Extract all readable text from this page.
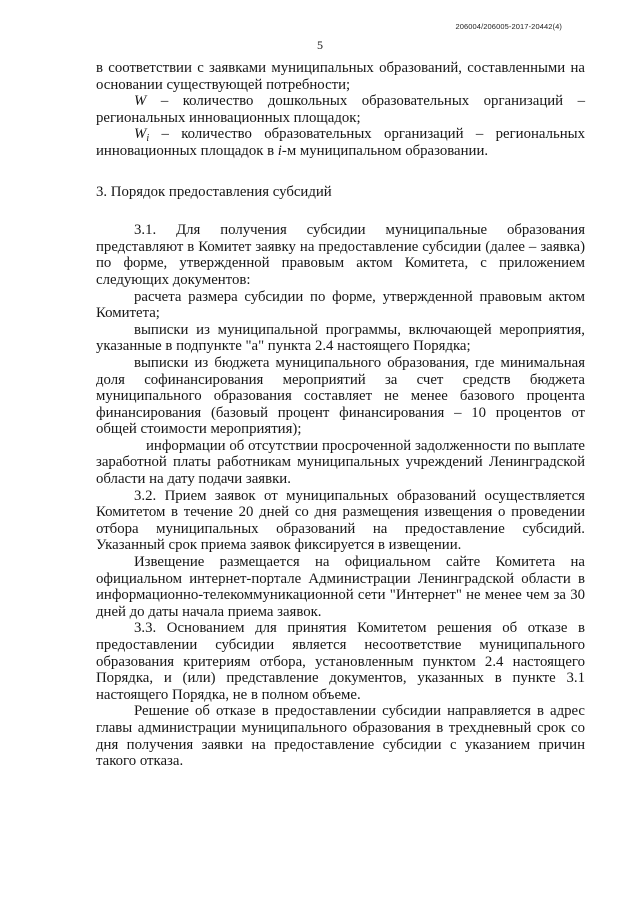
206004/206005-2017-20442(4)
5

в соответствии с заявками муниципальных образований, составленными на основании существующей потребности;

W – количество дошкольных образовательных организаций – региональных инновационных площадок;

$W_i$ – количество образовательных организаций – региональных инновационных площадок в i-м муниципальном образовании.

3. Порядок предоставления субсидий

3.1. Для получения субсидии муниципальные образования представляют в Комитет заявку на предоставление субсидии (далее – заявка) по форме, утвержденной правовым актом Комитета, с приложением следующих документов:

расчета размера субсидии по форме, утвержденной правовым актом Комитета;

выписки из муниципальной программы, включающей мероприятия, указанные в подпункте "а" пункта 2.4 настоящего Порядка;

выписки из бюджета муниципального образования, где минимальная доля софинансирования мероприятий за счет средств бюджета муниципального образования составляет не менее базового процента финансирования (базовый процент финансирования – 10 процентов от общей стоимости мероприятия);

информации об отсутствии просроченной задолженности по выплате заработной платы работникам муниципальных учреждений Ленинградской области на дату подачи заявки.

3.2. Прием заявок от муниципальных образований осуществляется Комитетом в течение 20 дней со дня размещения извещения о проведении отбора муниципальных образований на предоставление субсидий. Указанный срок приема заявок фиксируется в извещении.

Извещение размещается на официальном сайте Комитета на официальном интернет-портале Администрации Ленинградской области в информационно-телекоммуникационной сети "Интернет" не менее чем за 30 дней до даты начала приема заявок.

3.3. Основанием для принятия Комитетом решения об отказе в предоставлении субсидии является несоответствие муниципального образования критериям отбора, установленным пунктом 2.4 настоящего Порядка, и (или) представление документов, указанных в пункте 3.1 настоящего Порядка, не в полном объеме.

Решение об отказе в предоставлении субсидии направляется в адрес главы администрации муниципального образования в трехдневный срок со дня получения заявки на предоставление субсидии с указанием причин такого отказа.
